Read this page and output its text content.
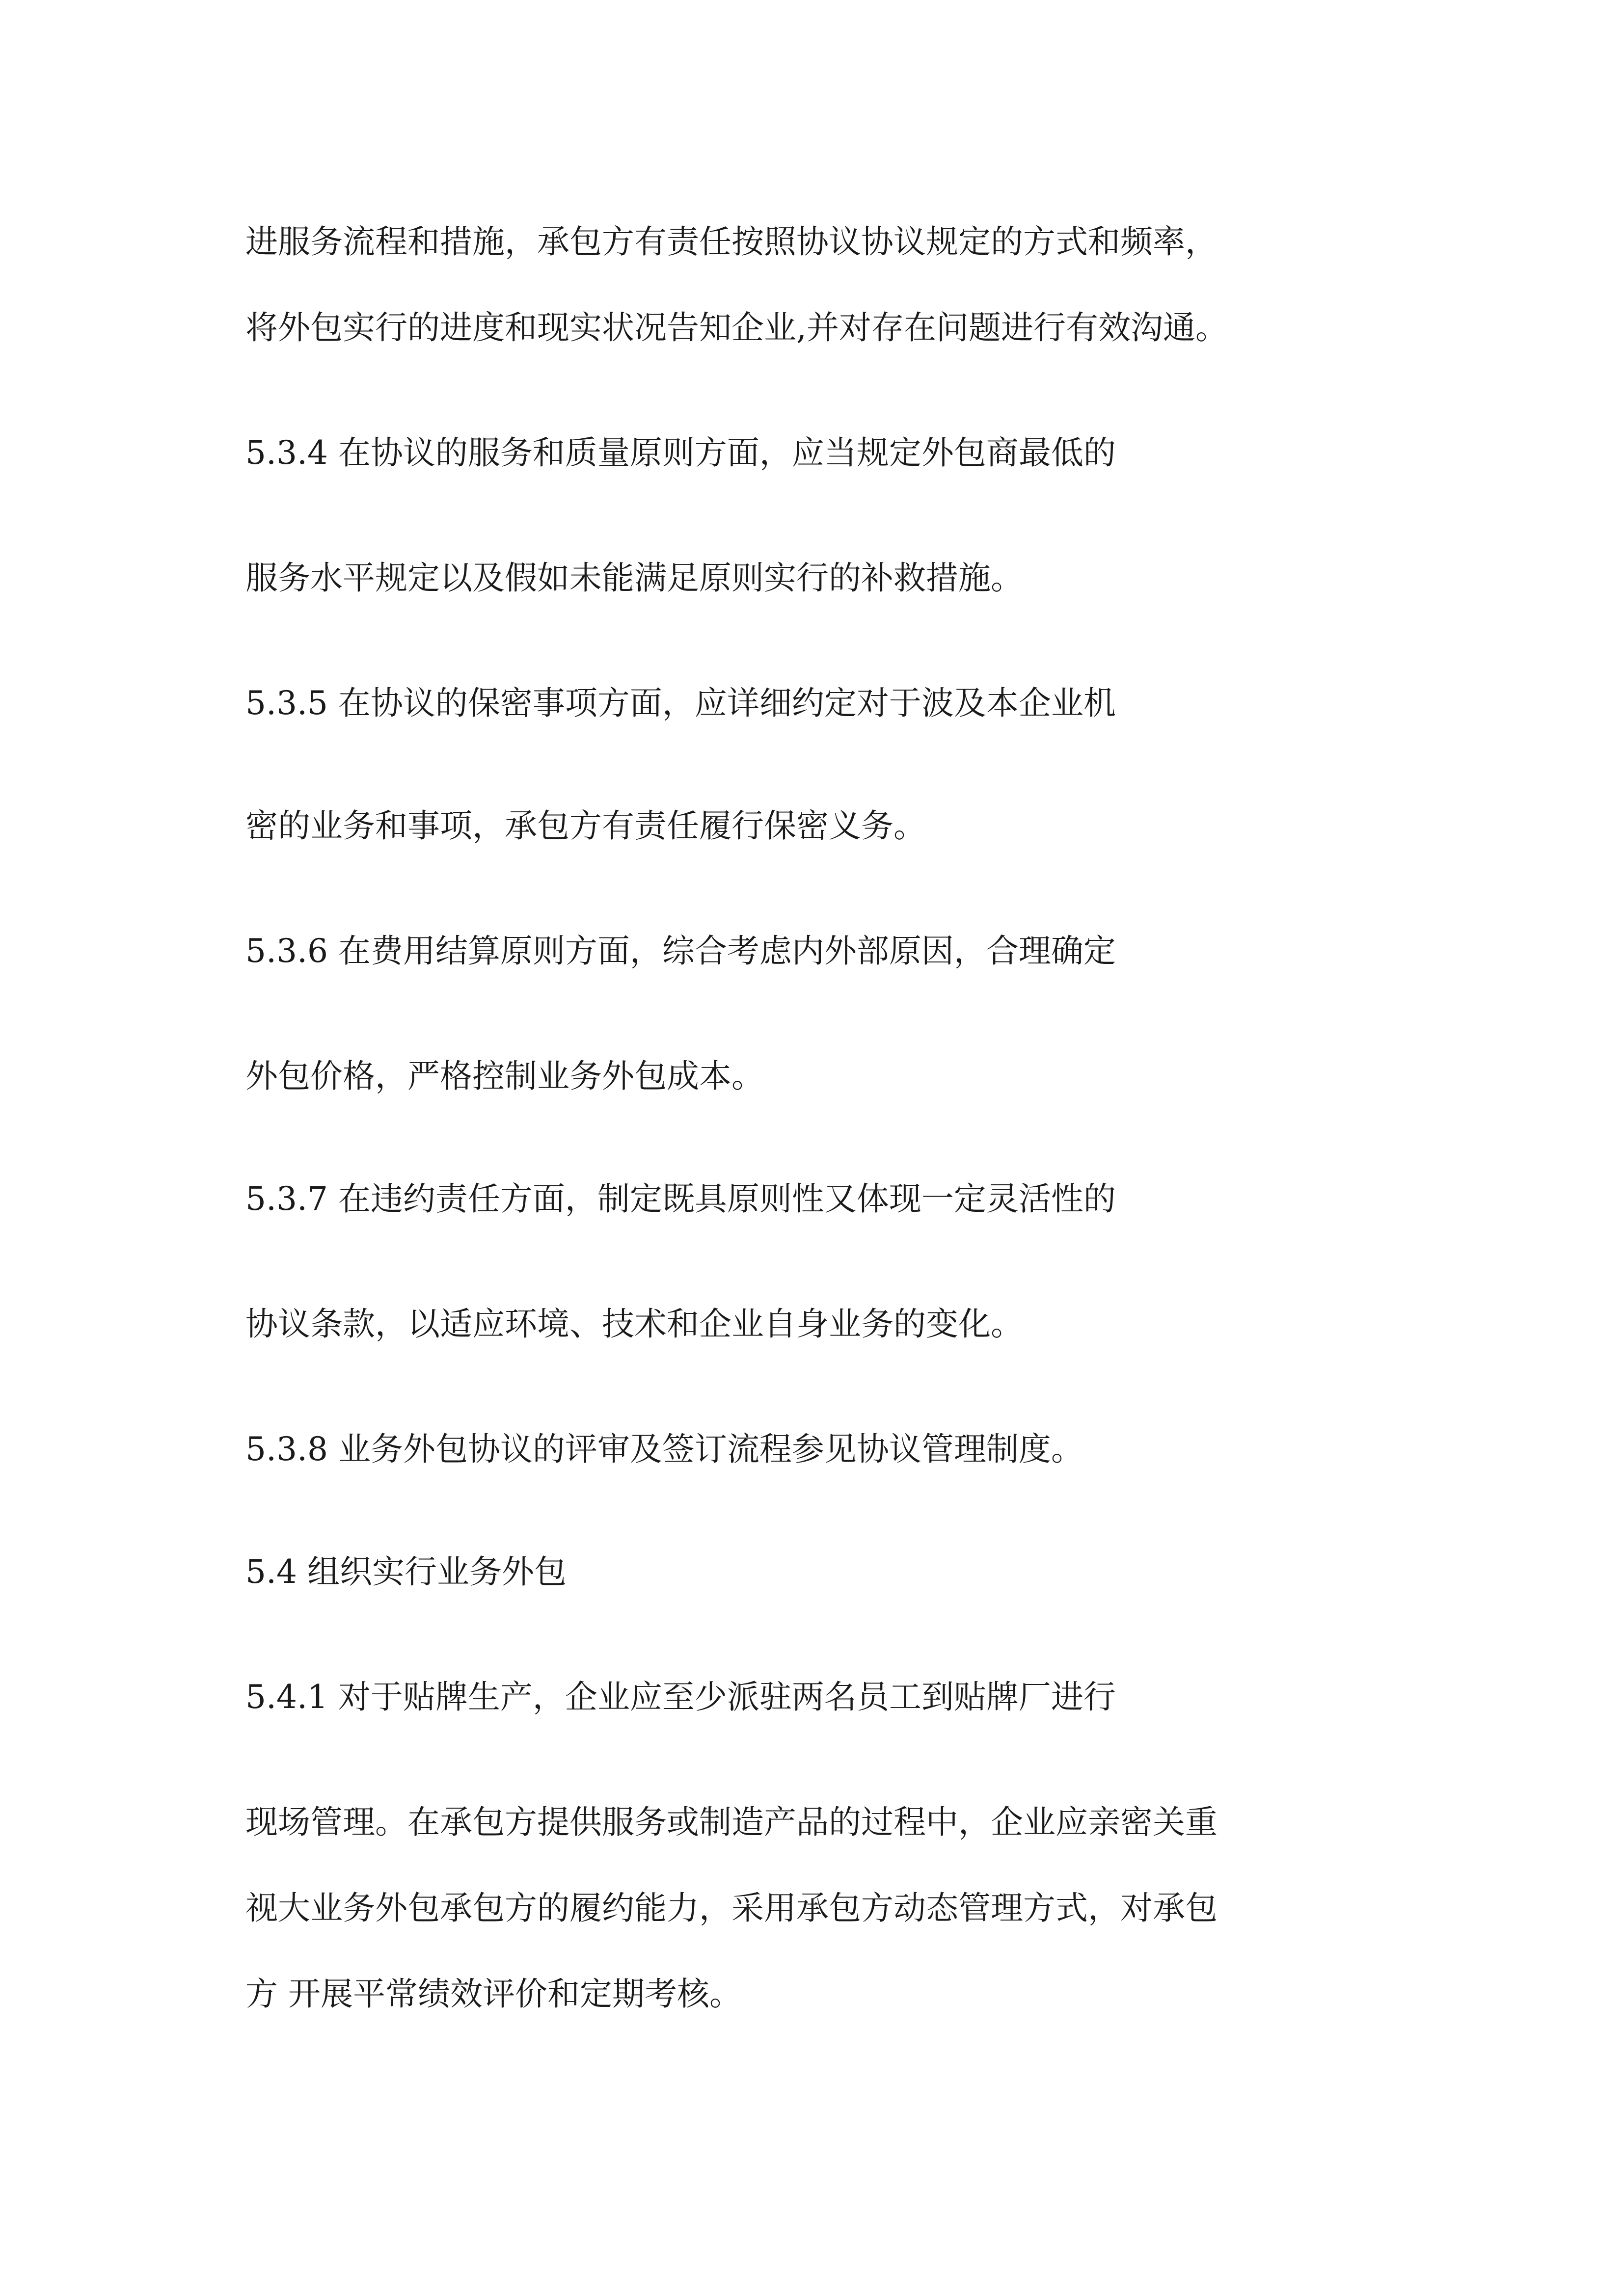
进服务流程和措施，承包方有责任按照协议协议规定的方式和频率，

将外包实行的进度和现实状况告知企业,并对存在问题进行有效沟通。

5.3.4 在协议的服务和质量原则方面，应当规定外包商最低的

服务水平规定以及假如未能满足原则实行的补救措施。

5.3.5 在协议的保密事项方面，应详细约定对于波及本企业机

密的业务和事项，承包方有责任履行保密义务。

5.3.6 在费用结算原则方面，综合考虑内外部原因，合理确定

外包价格，严格控制业务外包成本。

5.3.7 在违约责任方面，制定既具原则性又体现一定灵活性的

协议条款，以适应环境、技术和企业自身业务的变化。

5.3.8 业务外包协议的评审及签订流程参见协议管理制度。

5.4 组织实行业务外包

5.4.1 对于贴牌生产，企业应至少派驻两名员工到贴牌厂进行

现场管理。在承包方提供服务或制造产品的过程中，企业应亲密关重

视大业务外包承包方的履约能力，采用承包方动态管理方式，对承包

方 开展平常绩效评价和定期考核。
